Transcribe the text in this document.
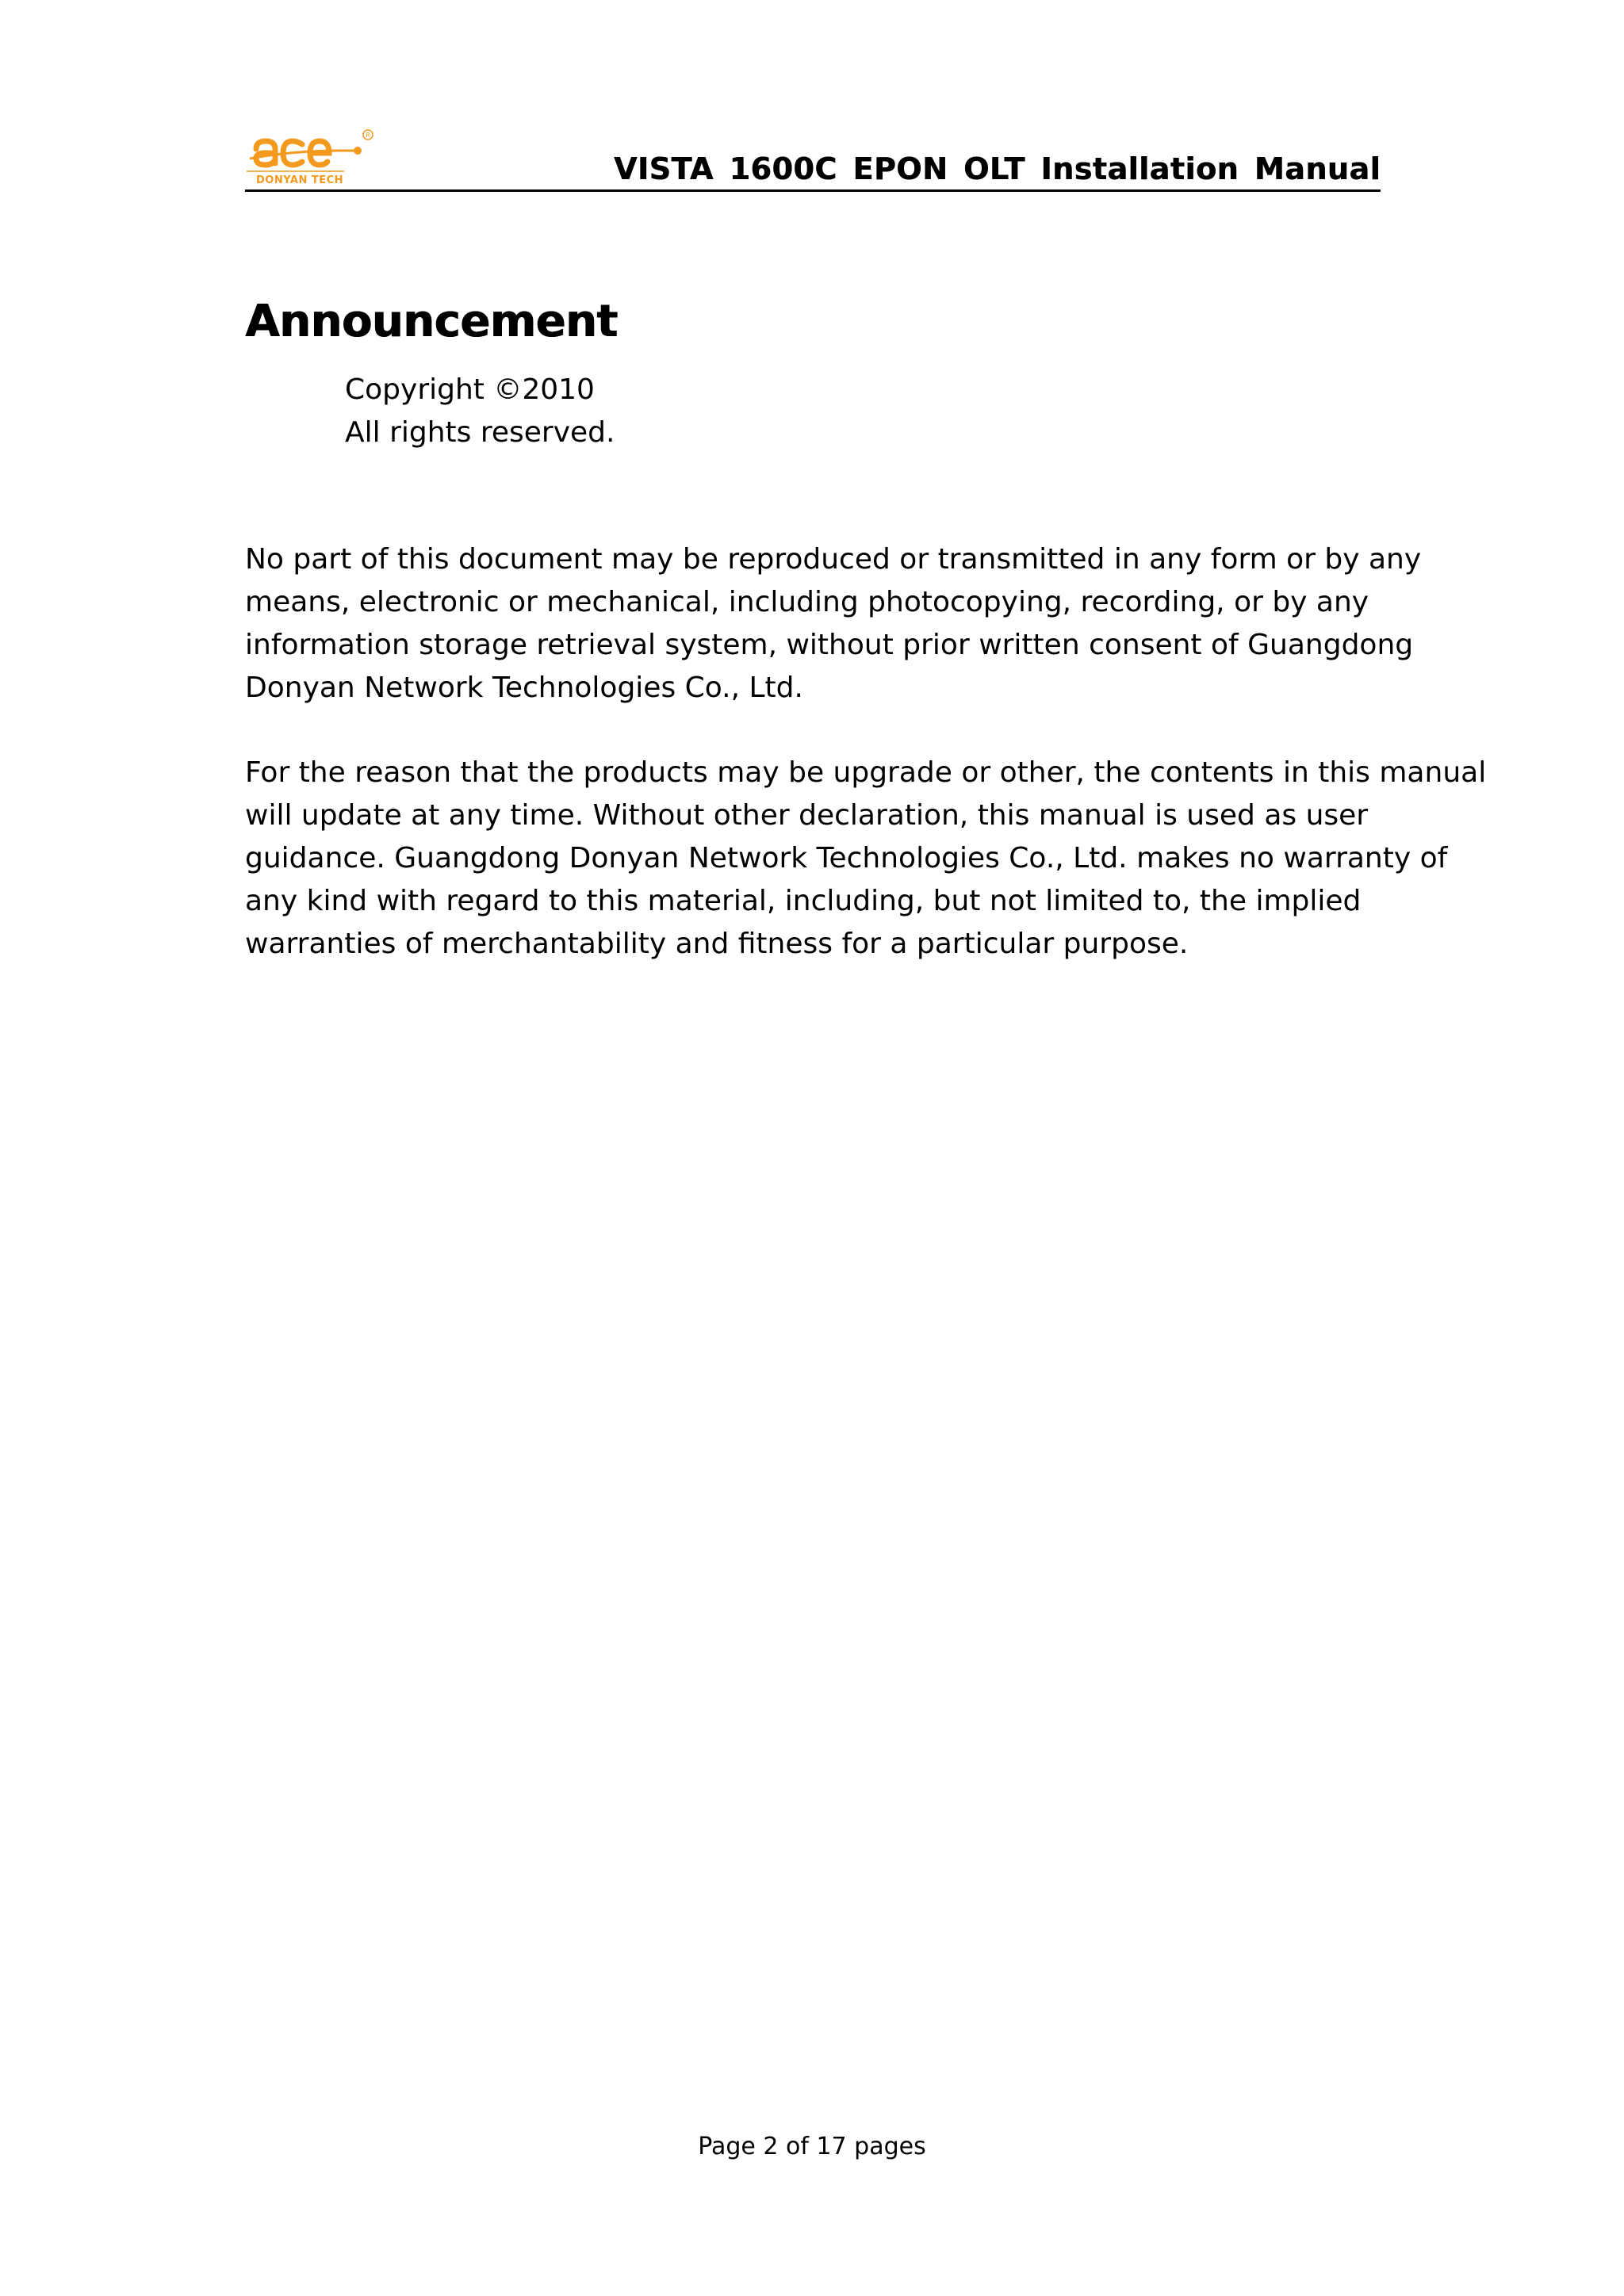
R
DONYAN TECH	VISTA 1600C EPON OLT Installation Manual
Announcement
Copyright ©2010
All rights reserved.
No part of this document may be reproduced or transmitted in any form or by any
means, electronic or mechanical, including photocopying, recording, or by any
information storage retrieval system, without prior written consent of Guangdong
Donyan Network Technologies Co., Ltd.
For the reason that the products may be upgrade or other, the contents in this manual
will update at any time. Without other declaration, this manual is used as user
guidance. Guangdong Donyan Network Technologies Co., Ltd. makes no warranty of
any kind with regard to this material, including, but not limited to, the implied
warranties of merchantability and fitness for a particular purpose.
Page 2 of 17 pages
